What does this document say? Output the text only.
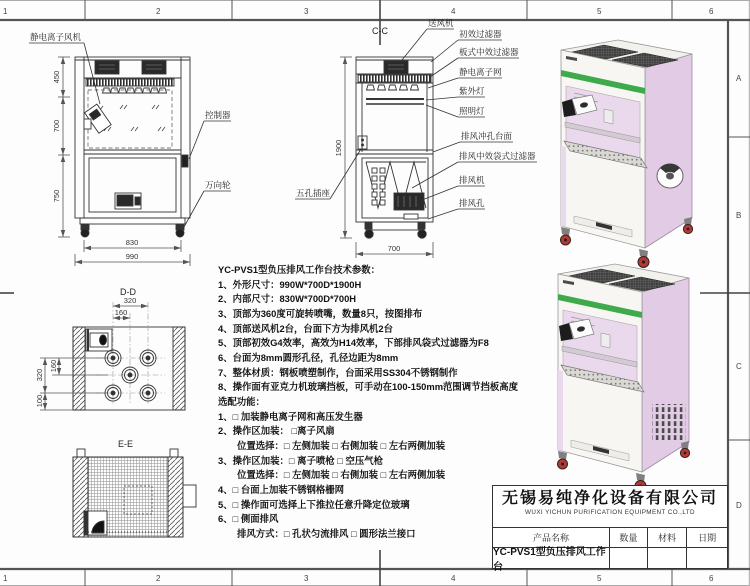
1	2	3	4	5	6
1	2	3	4	5	6
A
B
C
D
450
700
750
830
990
静电离子风机
控制器
万向轮
C-C
1900
700
五孔插座
送风机
初效过滤器
板式中效过滤器
静电离子网
紫外灯
照明灯
排风冲孔台面
排风中效袋式过滤器
排风机
排风孔
D-D
320
160
320
160
100
E-E
YC-PVS1型负压排风工作台技术参数：
1、外形尺寸：990W*700D*1900H
2、内部尺寸：830W*700D*700H
3、顶部为360度可旋转喷嘴，数量8只，按图排布
4、顶部送风机2台，台面下方为排风机2台
5、顶部初效G4效率，高效为H14效率，下部排风袋式过滤器为F8
6、台面为8mm圆形孔径，孔径边距为8mm
7、整体材质：钢板喷塑制作，台面采用SS304不锈钢制作
8、操作面有亚克力机玻璃挡板，可手动在100-150mm范围调节挡板高度
选配功能：
1、□ 加装静电离子网和高压发生器
2、操作区加装： □离子风扇
位置选择：□ 左侧加装 □ 右侧加装 □ 左右两侧加装
3、操作区加装：□ 离子喷枪 □ 空压气枪
位置选择：□ 左侧加装 □ 右侧加装 □ 左右两侧加装
4、□ 台面上加装不锈钢格栅网
5、□ 操作面可选择上下推拉任意升降定位玻璃
6、□ 侧面排风
排风方式：□ 孔状匀流排风 □ 圆形法兰接口
无锡易纯净化设备有限公司
WUXI YICHUN PURIFICATION EQUIPMENT CO.,LTD
产品名称	数量	材料	日期
YC-PVS1型负压排风工作台
